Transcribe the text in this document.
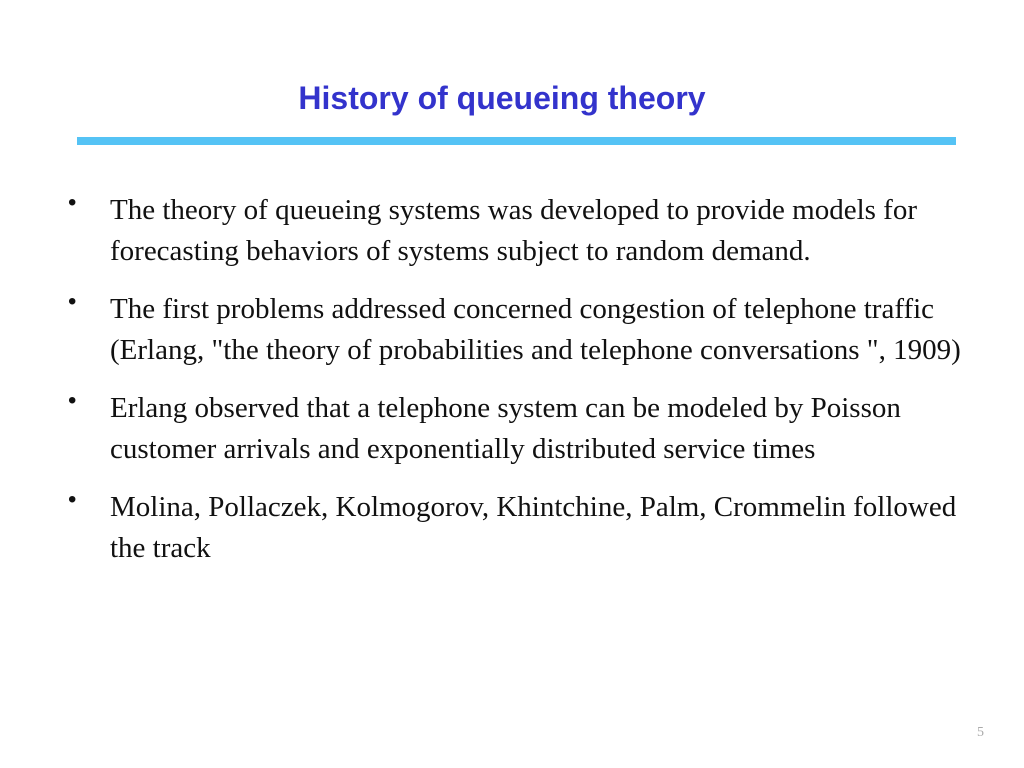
History of queueing theory
• The theory of queueing systems was developed to provide models for forecasting behaviors of systems subject to random demand.
• The first problems addressed concerned congestion of telephone traffic (Erlang, "the theory of probabilities and telephone conversations ", 1909)
• Erlang observed that a telephone system can be modeled by Poisson customer arrivals and exponentially distributed service times
• Molina, Pollaczek, Kolmogorov, Khintchine, Palm, Crommelin followed the track
5
